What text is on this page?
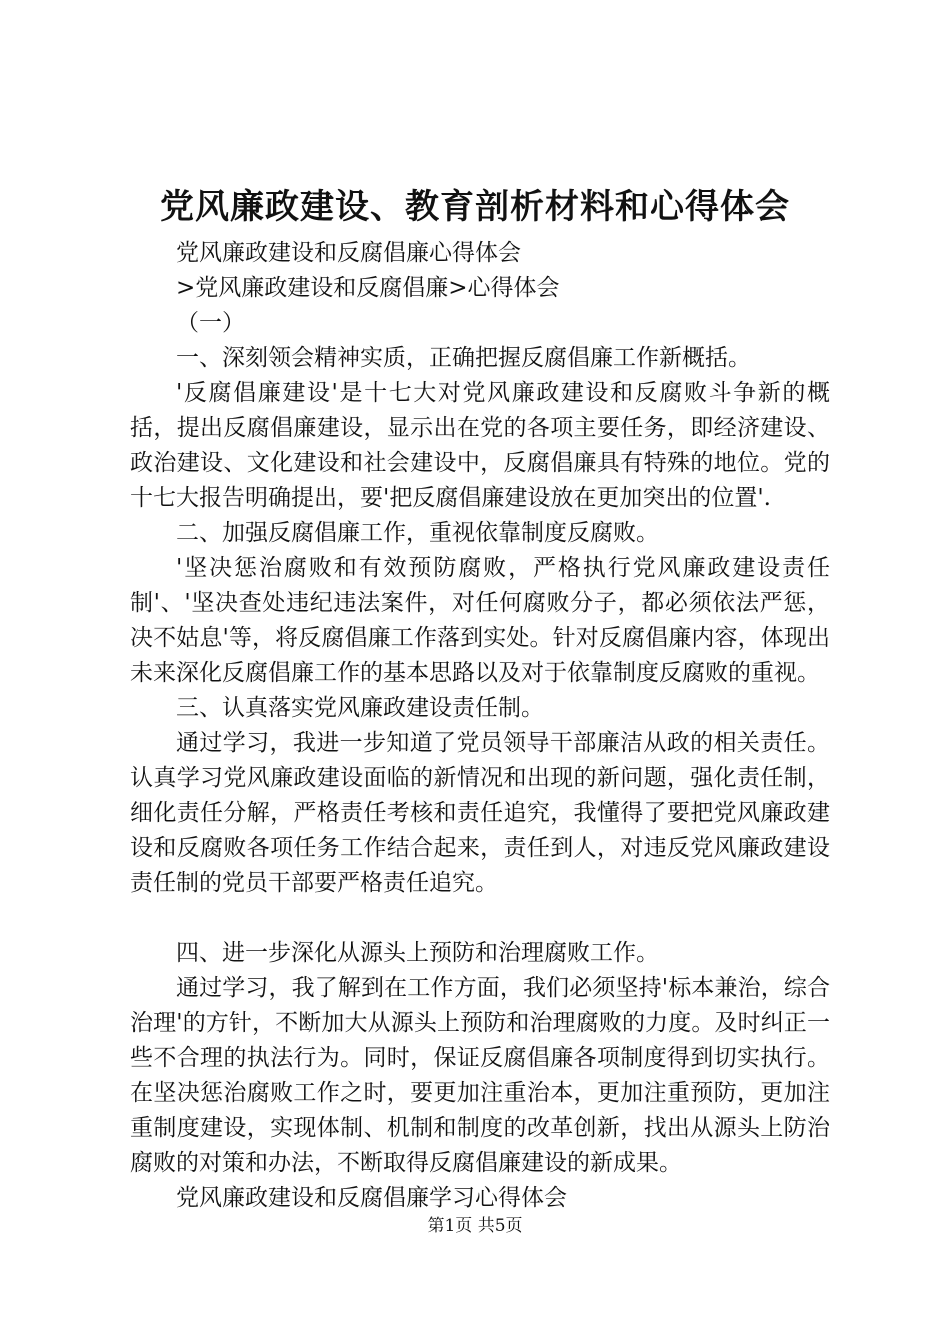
党风廉政建设、教育剖析材料和心得体会

党风廉政建设和反腐倡廉心得体会

>党风廉政建设和反腐倡廉>心得体会

（一）

一、深刻领会精神实质，正确把握反腐倡廉工作新概括。

'反腐倡廉建设'是十七大对党风廉政建设和反腐败斗争新的概括，提出反腐倡廉建设，显示出在党的各项主要任务，即经济建设、政治建设、文化建设和社会建设中，反腐倡廉具有特殊的地位。党的十七大报告明确提出，要'把反腐倡廉建设放在更加突出的位置'.

二、加强反腐倡廉工作，重视依靠制度反腐败。

'坚决惩治腐败和有效预防腐败，严格执行党风廉政建设责任制'、'坚决查处违纪违法案件，对任何腐败分子，都必须依法严惩，决不姑息'等，将反腐倡廉工作落到实处。针对反腐倡廉内容，体现出未来深化反腐倡廉工作的基本思路以及对于依靠制度反腐败的重视。

三、认真落实党风廉政建设责任制。

通过学习，我进一步知道了党员领导干部廉洁从政的相关责任。认真学习党风廉政建设面临的新情况和出现的新问题，强化责任制，细化责任分解，严格责任考核和责任追究，我懂得了要把党风廉政建设和反腐败各项任务工作结合起来，责任到人，对违反党风廉政建设责任制的党员干部要严格责任追究。

四、进一步深化从源头上预防和治理腐败工作。

通过学习，我了解到在工作方面，我们必须坚持'标本兼治，综合治理'的方针，不断加大从源头上预防和治理腐败的力度。及时纠正一些不合理的执法行为。同时，保证反腐倡廉各项制度得到切实执行。在坚决惩治腐败工作之时，要更加注重治本，更加注重预防，更加注重制度建设，实现体制、机制和制度的改革创新，找出从源头上防治腐败的对策和办法，不断取得反腐倡廉建设的新成果。

党风廉政建设和反腐倡廉学习心得体会

第1页 共5页
